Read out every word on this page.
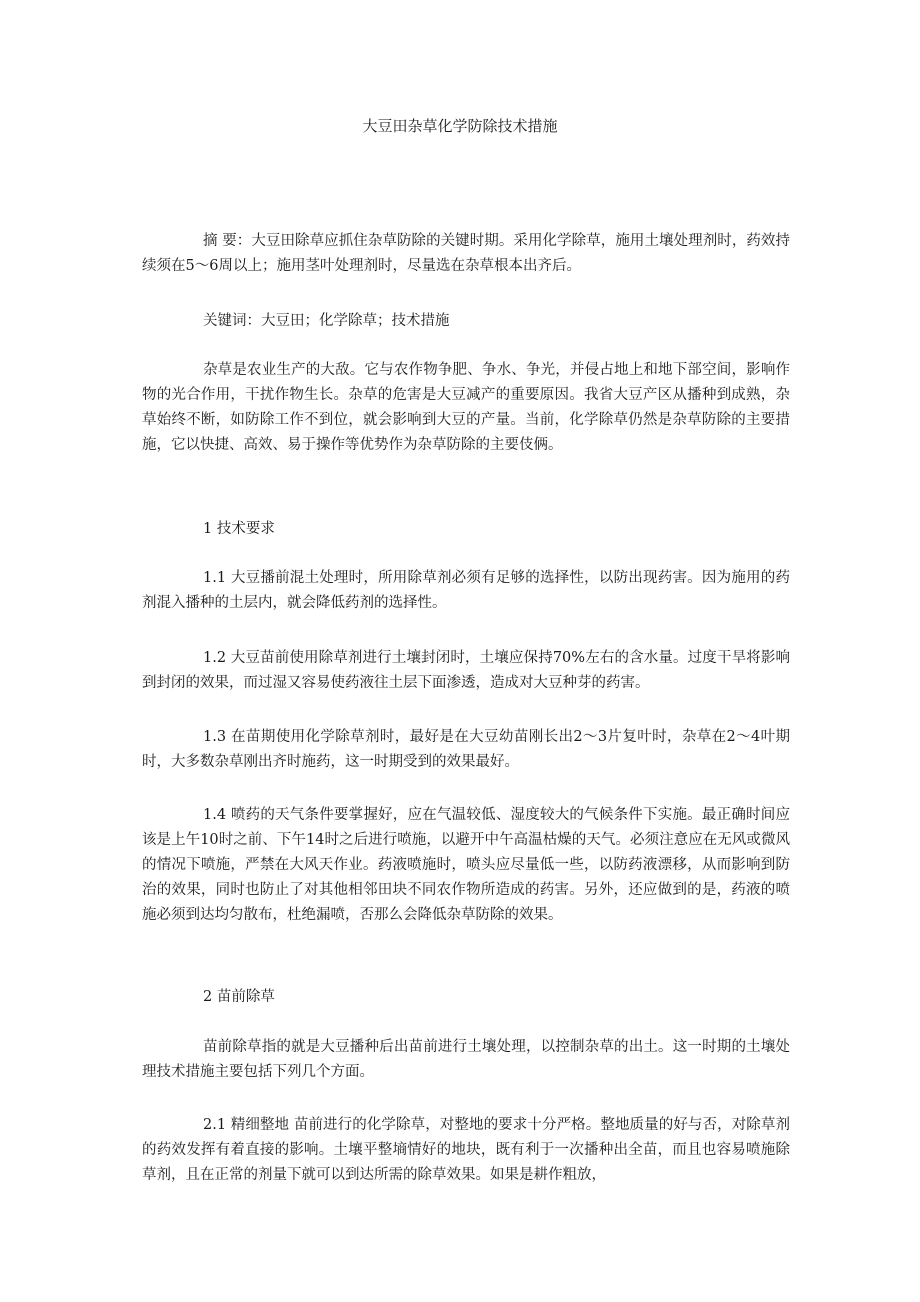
大豆田杂草化学防除技术措施

摘 要：大豆田除草应抓住杂草防除的关键时期。采用化学除草，施用土壤处理剂时，药效持续须在5～6周以上；施用茎叶处理剂时，尽量选在杂草根本出齐后。

关键词：大豆田；化学除草；技术措施

杂草是农业生产的大敌。它与农作物争肥、争水、争光，并侵占地上和地下部空间，影响作物的光合作用，干扰作物生长。杂草的危害是大豆减产的重要原因。我省大豆产区从播种到成熟，杂草始终不断，如防除工作不到位，就会影响到大豆的产量。当前，化学除草仍然是杂草防除的主要措施，它以快捷、高效、易于操作等优势作为杂草防除的主要伎俩。

1 技术要求

1.1 大豆播前混土处理时，所用除草剂必须有足够的选择性，以防出现药害。因为施用的药剂混入播种的土层内，就会降低药剂的选择性。

1.2 大豆苗前使用除草剂进行土壤封闭时，土壤应保持70%左右的含水量。过度干旱将影响到封闭的效果，而过湿又容易使药液往土层下面渗透，造成对大豆种芽的药害。

1.3 在苗期使用化学除草剂时，最好是在大豆幼苗刚长出2～3片复叶时，杂草在2～4叶期时，大多数杂草刚出齐时施药，这一时期受到的效果最好。

1.4 喷药的天气条件要掌握好，应在气温较低、湿度较大的气候条件下实施。最正确时间应该是上午10时之前、下午14时之后进行喷施，以避开中午高温枯燥的天气。必须注意应在无风或微风的情况下喷施，严禁在大风天作业。药液喷施时，喷头应尽量低一些，以防药液漂移，从而影响到防治的效果，同时也防止了对其他相邻田块不同农作物所造成的药害。另外，还应做到的是，药液的喷施必须到达均匀散布，杜绝漏喷，否那么会降低杂草防除的效果。

2 苗前除草

苗前除草指的就是大豆播种后出苗前进行土壤处理，以控制杂草的出土。这一时期的土壤处理技术措施主要包括下列几个方面。

2.1 精细整地 苗前进行的化学除草，对整地的要求十分严格。整地质量的好与否，对除草剂的药效发挥有着直接的影响。土壤平整墒情好的地块，既有利于一次播种出全苗，而且也容易喷施除草剂，且在正常的剂量下就可以到达所需的除草效果。如果是耕作粗放，
